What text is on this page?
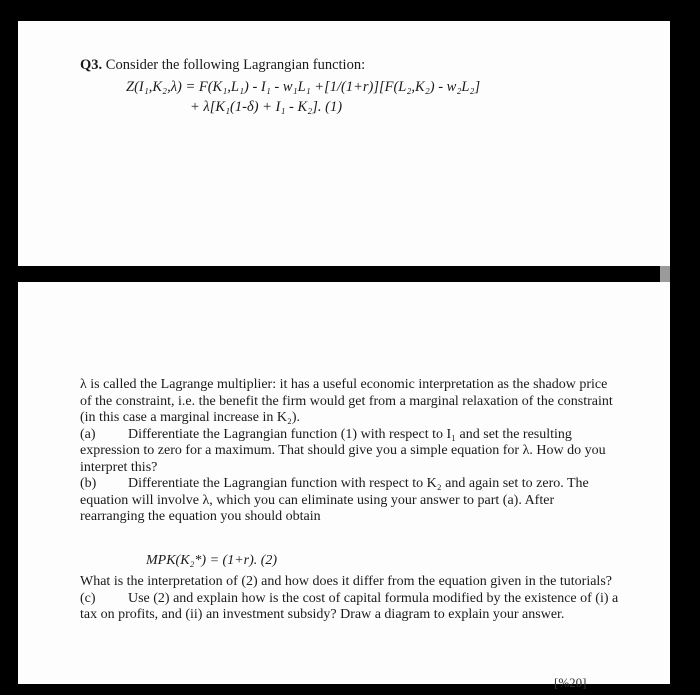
Q3. Consider the following Lagrangian function:
Z(I₁,K₂,λ) = F(K₁,L₁) - I₁ - w₁L₁ +[1/(1+r)][F(L₂,K₂) - w₂L₂]
+ λ[K₁(1-δ) + I₁ - K₂]. (1)

λ is called the Lagrange multiplier: it has a useful economic interpretation as the shadow price of the constraint, i.e. the benefit the firm would get from a marginal relaxation of the constraint (in this case a marginal increase in K₂).

(a) Differentiate the Lagrangian function (1) with respect to I₁ and set the resulting expression to zero for a maximum. That should give you a simple equation for λ. How do you interpret this?

(b) Differentiate the Lagrangian function with respect to K₂ and again set to zero. The equation will involve λ, which you can eliminate using your answer to part (a). After rearranging the equation you should obtain

MPK(K₂*) = (1+r). (2)

What is the interpretation of (2) and how does it differ from the equation given in the tutorials?

(c) Use (2) and explain how is the cost of capital formula modified by the existence of (i) a tax on profits, and (ii) an investment subsidy? Draw a diagram to explain your answer.

[%20]
